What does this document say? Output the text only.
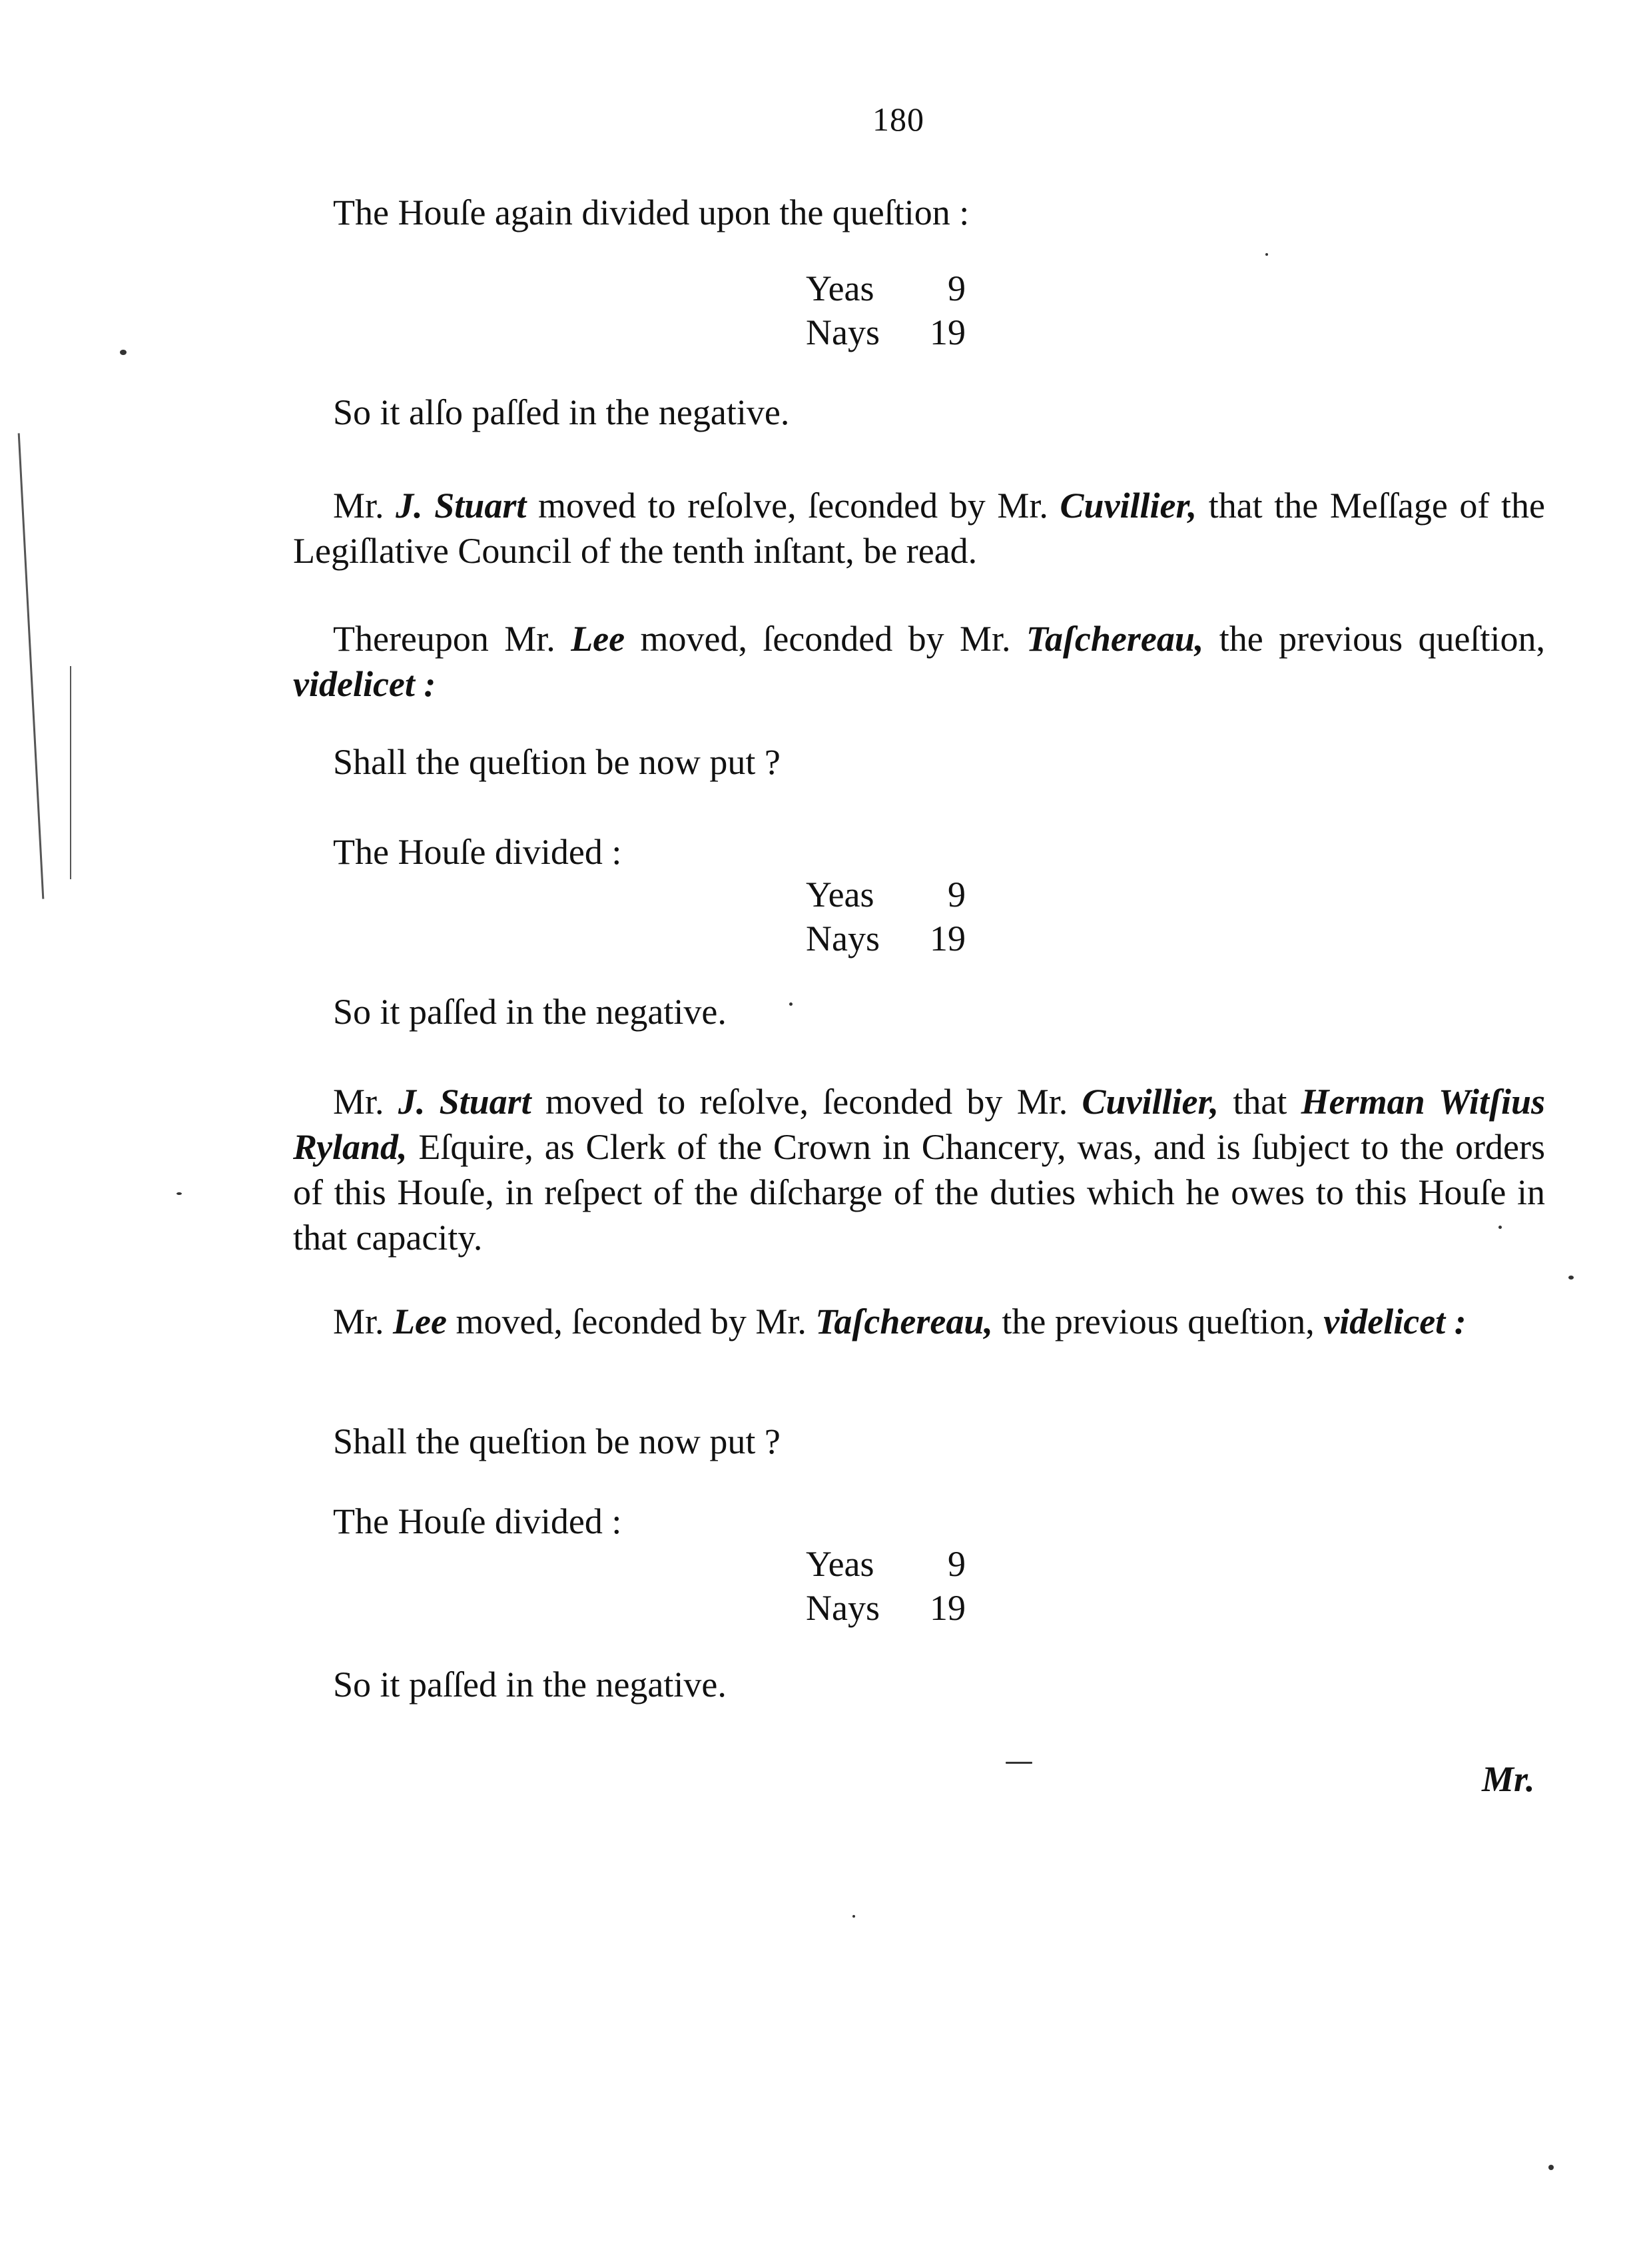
180
The Houſe again divided upon the queſtion :
Yeas 9
Nays 19
So it alſo paſſed in the negative.
Mr. J. Stuart moved to reſolve, ſeconded by Mr. Cuvillier, that the Meſſage of the Legiſlative Council of the tenth inſtant, be read.
Thereupon Mr. Lee moved, ſeconded by Mr. Taſchereau, the previous queſtion, videlicet :
Shall the queſtion be now put ?
The Houſe divided :
Yeas 9
Nays 19
So it paſſed in the negative.
Mr. J. Stuart moved to reſolve, ſeconded by Mr. Cuvillier, that Herman Witſius Ryland, Eſquire, as Clerk of the Crown in Chancery, was, and is ſubject to the orders of this Houſe, in reſpect of the diſcharge of the duties which he owes to this Houſe in that capacity.
Mr. Lee moved, ſeconded by Mr. Taſchereau, the previous queſtion, videlicet :
Shall the queſtion be now put ?
The Houſe divided :
Yeas 9
Nays 19
So it paſſed in the negative.
Mr.
